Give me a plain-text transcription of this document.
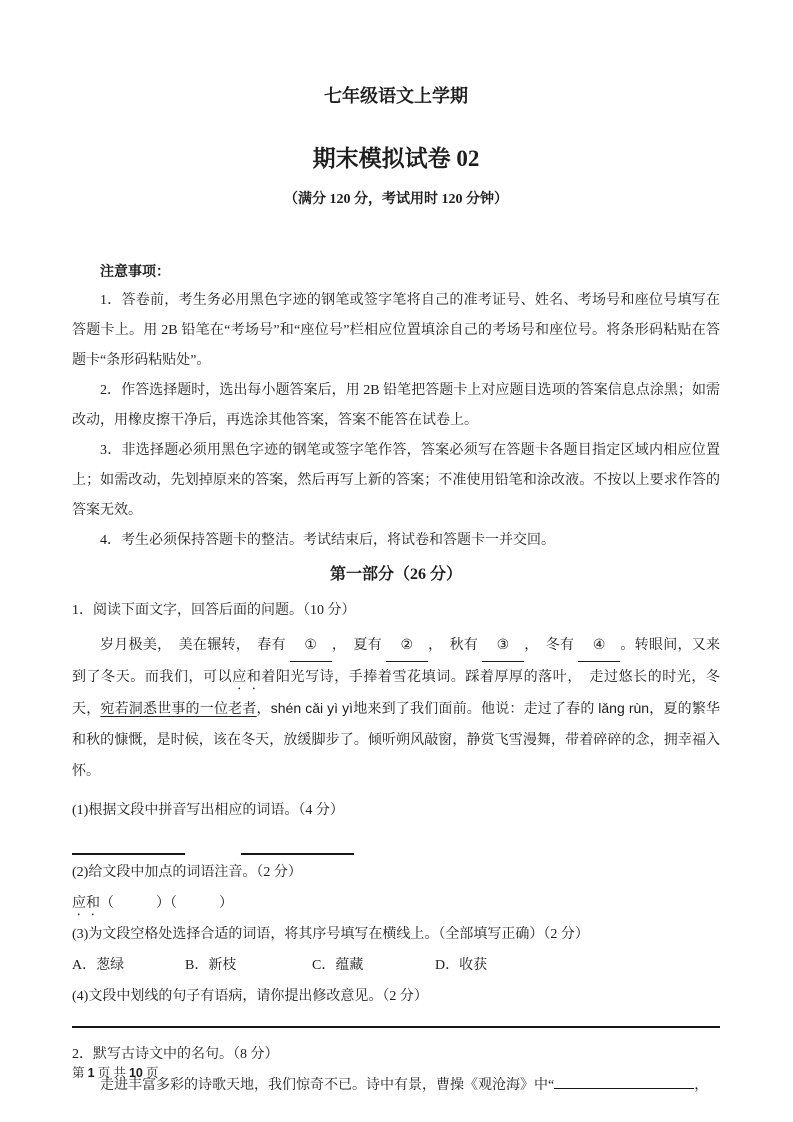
七年级语文上学期
期末模拟试卷 02

（满分 120 分，考试用时 120 分钟）

注意事项：

1．答卷前，考生务必用黑色字迹的钢笔或签字笔将自己的准考证号、姓名、考场号和座位号填写在答题卡上。用 2B 铅笔在“考场号”和“座位号”栏相应位置填涂自己的考场号和座位号。将条形码粘贴在答题卡“条形码粘贴处”。

2．作答选择题时，选出每小题答案后，用 2B 铅笔把答题卡上对应题目选项的答案信息点涂黑；如需改动，用橡皮擦干净后，再选涂其他答案，答案不能答在试卷上。

3．非选择题必须用黑色字迹的钢笔或签字笔作答，答案必须写在答题卡各题目指定区域内相应位置上；如需改动，先划掉原来的答案，然后再写上新的答案；不准使用铅笔和涂改液。不按以上要求作答的答案无效。

4．考生必须保持答题卡的整洁。考试结束后，将试卷和答题卡一并交回。

第一部分（26 分）

1．阅读下面文字，回答后面的问题。（10 分）

岁月极美，　美在辗转，　春有 ① ，　夏有 ② ，　秋有 ③ ，　冬有 ④ 。转眼间，又来到了冬天。而我们，可以应和着阳光写诗，手捧着雪花填词。踩着厚厚的落叶，　走过悠长的时光，冬天，宛若洞悉世事的一位老者，shén cǎi yì yì地来到了我们面前。他说：走过了春的 lǎng rùn，夏的繁华和秋的慷慨，是时候，该在冬天，放缓脚步了。倾听朔风敲窗，静赏飞雪漫舞，带着碎碎的念，拥幸福入怀。

(1)根据文段中拼音写出相应的词语。（4 分）

(2)给文段中加点的词语注音。（2 分）

应和（　　　）（　　　）

(3)为文段空格处选择合适的词语，将其序号填写在横线上。（全部填写正确）（2 分）

A．葱绿	B．新枝	C．蕴藏	D．收获

(4)文段中划线的句子有语病，请你提出修改意见。（2 分）

2．默写古诗文中的名句。（8 分）

走进丰富多彩的诗歌天地，我们惊奇不已。诗中有景，曹操《观沧海》中“	，

第 1 页 共 10 页
